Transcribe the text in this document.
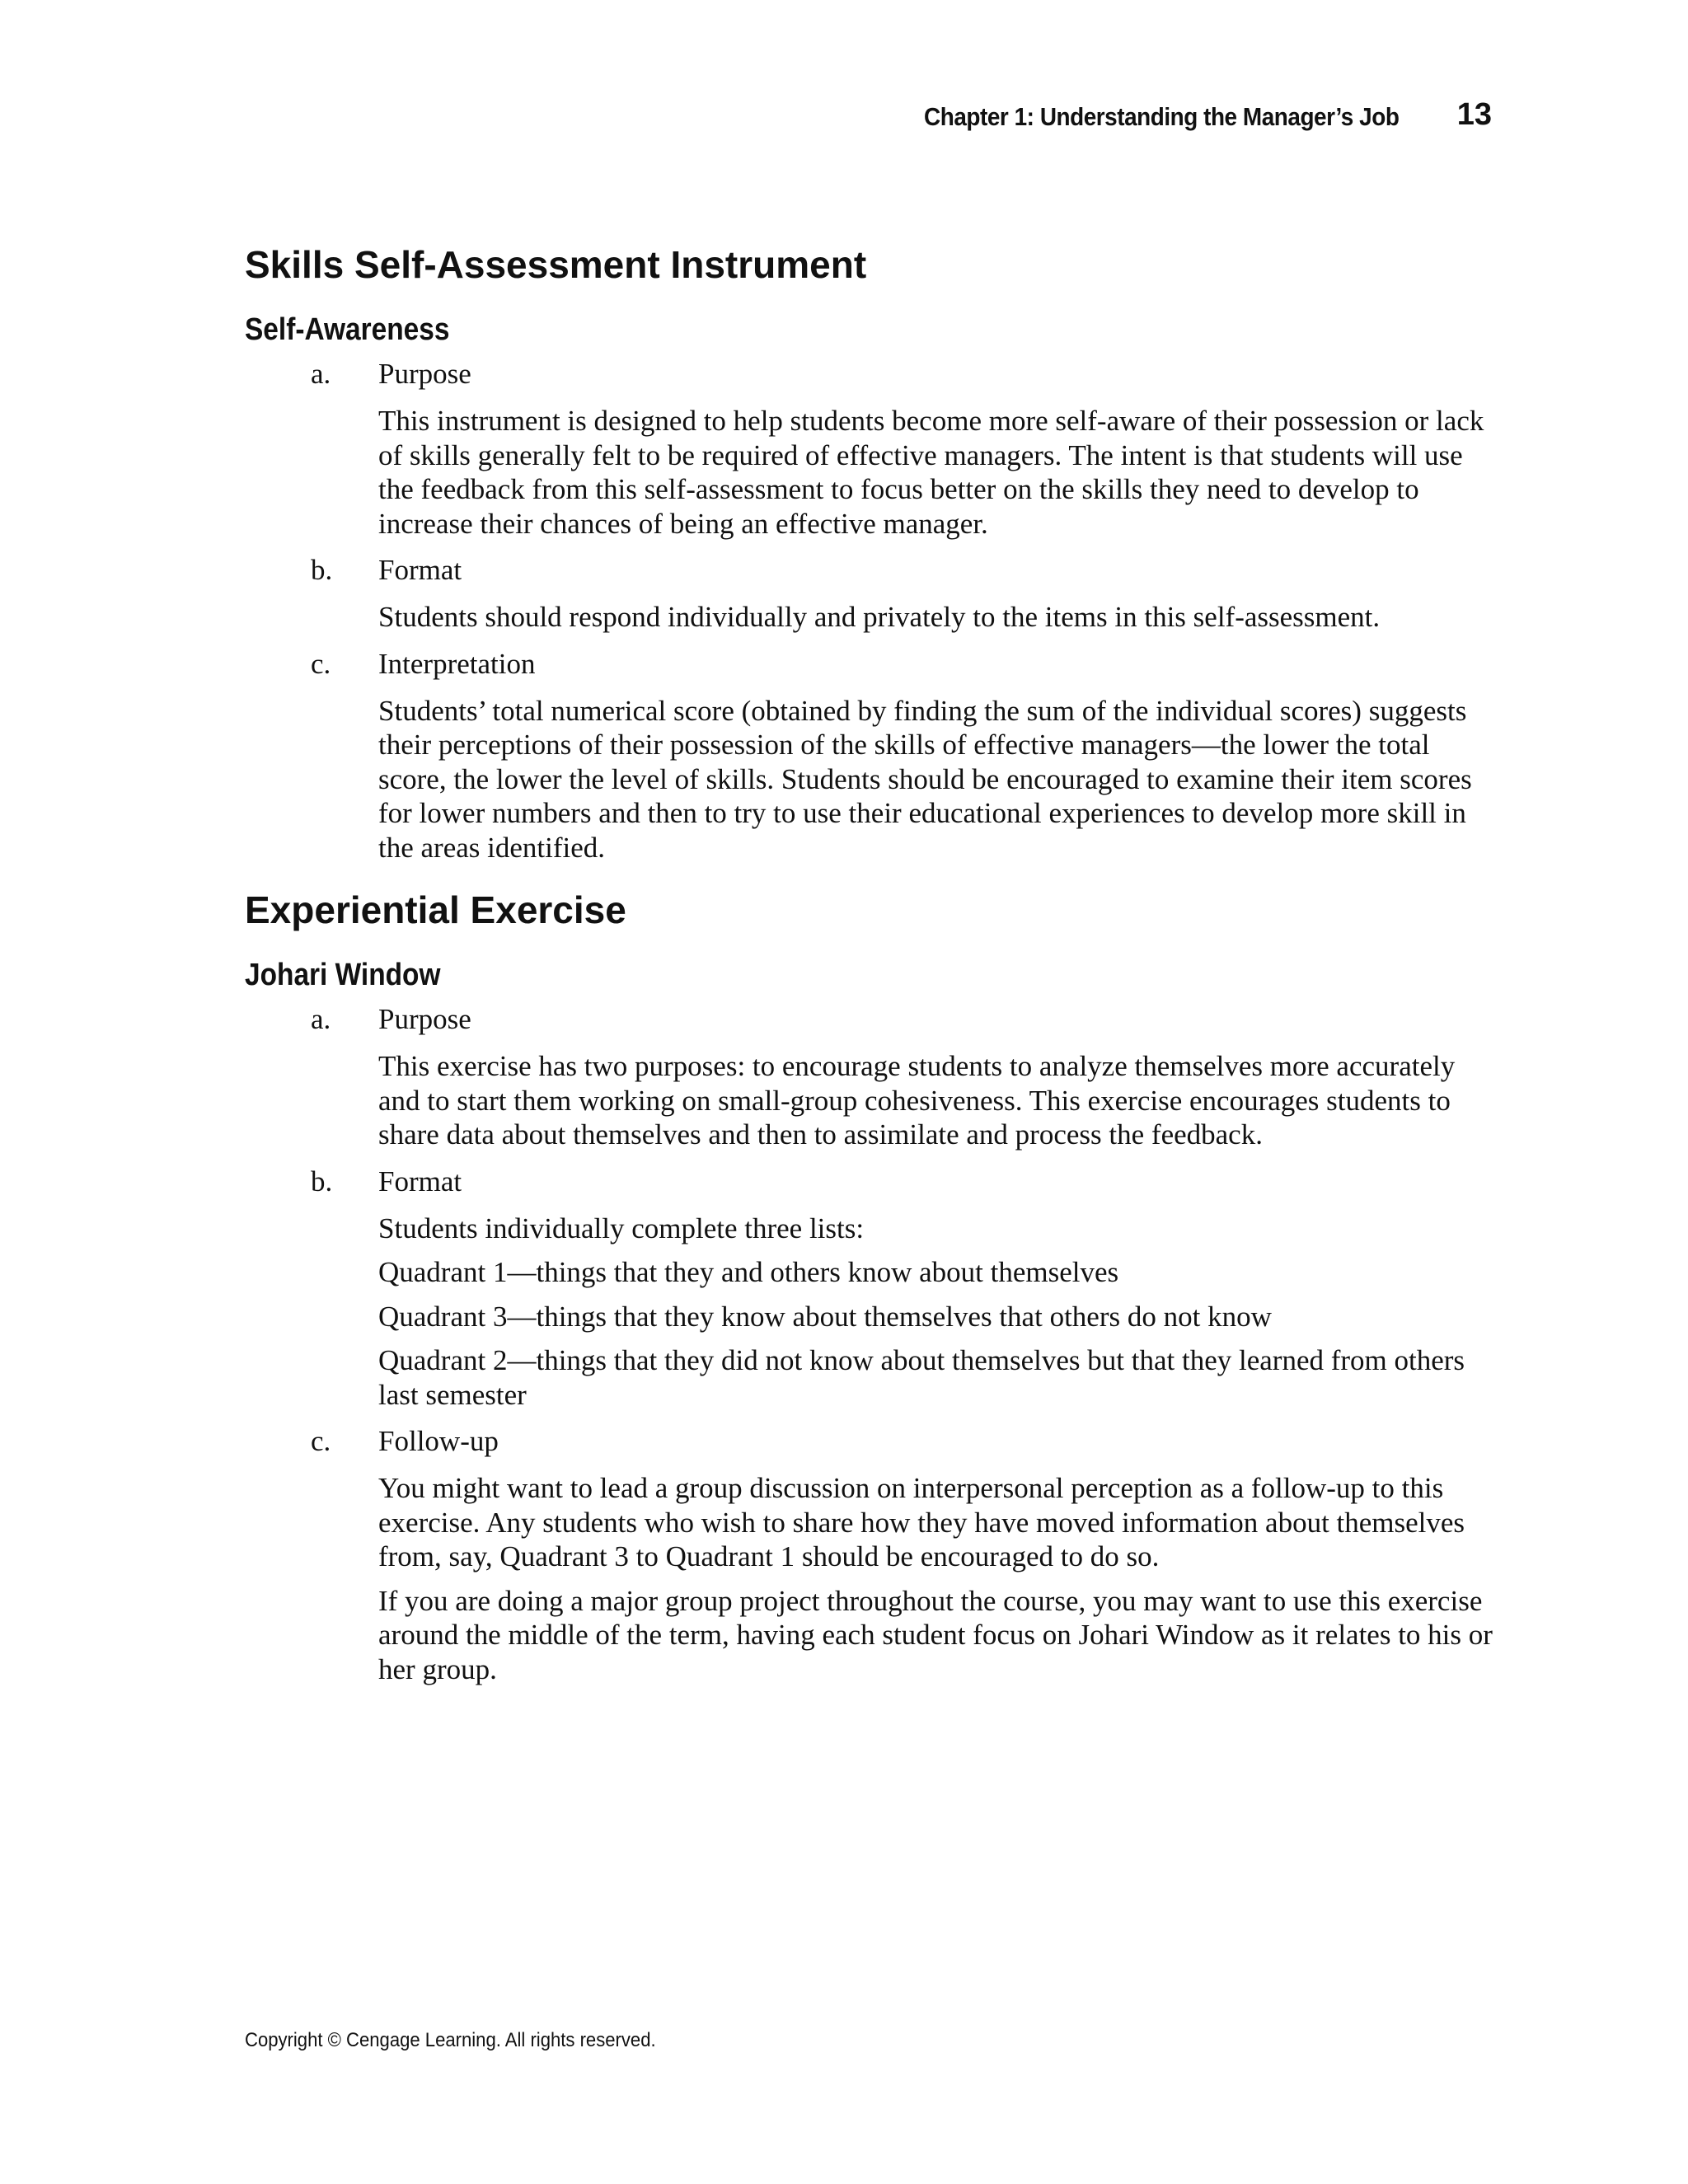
Chapter 1: Understanding the Manager’s Job 13
Skills Self-Assessment Instrument
Self-Awareness
a.	Purpose

This instrument is designed to help students become more self-aware of their possession or lack of skills generally felt to be required of effective managers. The intent is that students will use the feedback from this self-assessment to focus better on the skills they need to develop to increase their chances of being an effective manager.

b.	Format

Students should respond individually and privately to the items in this self-assessment.

c.	Interpretation

Students’ total numerical score (obtained by finding the sum of the individual scores) suggests their perceptions of their possession of the skills of effective managers—the lower the total score, the lower the level of skills. Students should be encouraged to examine their item scores for lower numbers and then to try to use their educational experiences to develop more skill in the areas identified.

Experiential Exercise
Johari Window
a.	Purpose

This exercise has two purposes: to encourage students to analyze themselves more accurately and to start them working on small-group cohesiveness. This exercise encourages students to share data about themselves and then to assimilate and process the feedback.

b.	Format

Students individually complete three lists:

Quadrant 1—things that they and others know about themselves

Quadrant 3—things that they know about themselves that others do not know

Quadrant 2—things that they did not know about themselves but that they learned from others last semester

c.	Follow-up

You might want to lead a group discussion on interpersonal perception as a follow-up to this exercise. Any students who wish to share how they have moved information about themselves from, say, Quadrant 3 to Quadrant 1 should be encouraged to do so.

If you are doing a major group project throughout the course, you may want to use this exercise around the middle of the term, having each student focus on Johari Window as it relates to his or her group.

Copyright © Cengage Learning. All rights reserved.
